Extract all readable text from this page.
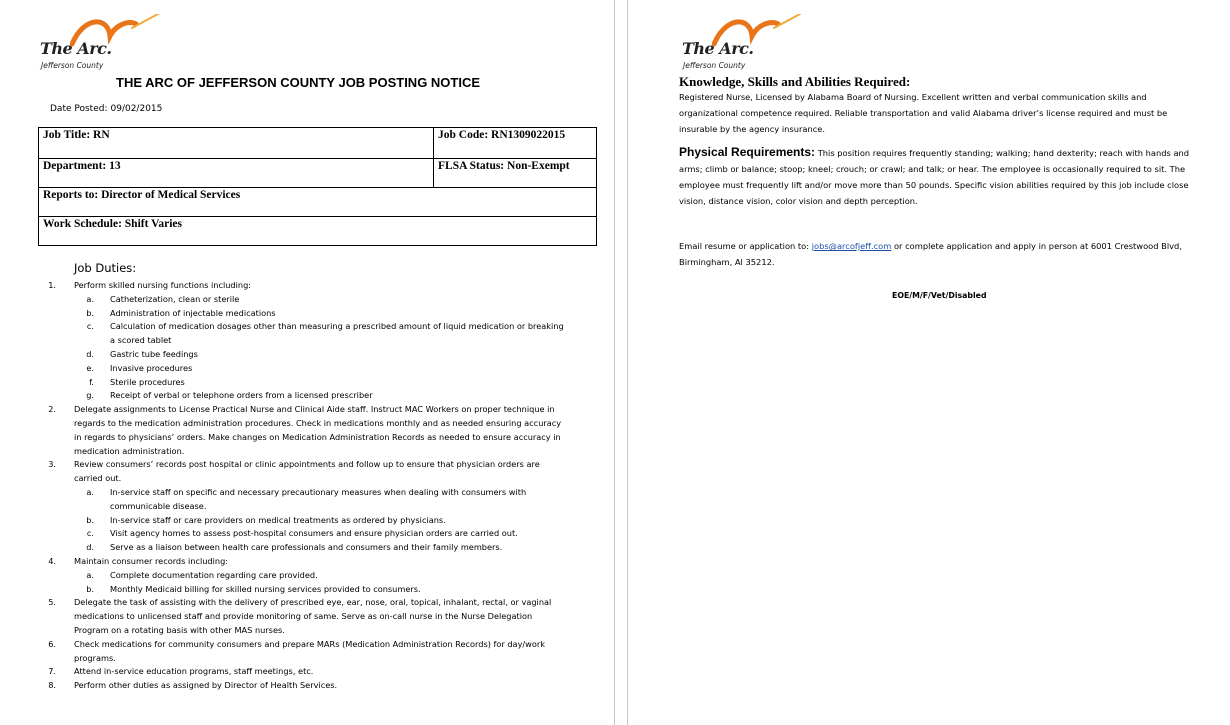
The Arc.
Jefferson County
THE ARC OF JEFFERSON COUNTY JOB POSTING NOTICE
Date Posted: 09/02/2015
Job Title: RN	Job Code: RN1309022015
Department: 13	FLSA Status: Non-Exempt
Reports to: Director of Medical Services	
Work Schedule: Shift Varies	
Job Duties:
1.	Perform skilled nursing functions including:
a.	Catheterization, clean or sterile
b.	Administration of injectable medications
c.	Calculation of medication dosages other than measuring a prescribed amount of liquid medication or breaking a scored tablet
d.	Gastric tube feedings
e.	Invasive procedures
f.	Sterile procedures
g.	Receipt of verbal or telephone orders from a licensed prescriber
2.	Delegate assignments to License Practical Nurse and Clinical Aide staff. Instruct MAC Workers on proper technique in regards to the medication administration procedures. Check in medications monthly and as needed ensuring accuracy in regards to physicians’ orders. Make changes on Medication Administration Records as needed to ensure accuracy in medication administration.
3.	Review consumers’ records post hospital or clinic appointments and follow up to ensure that physician orders are carried out.
a.	In-service staff on specific and necessary precautionary measures when dealing with consumers with communicable disease.
b.	In-service staff or care providers on medical treatments as ordered by physicians.
c.	Visit agency homes to assess post-hospital consumers and ensure physician orders are carried out.
d.	Serve as a liaison between health care professionals and consumers and their family members.
4.	Maintain consumer records including:
a.	Complete documentation regarding care provided.
b.	Monthly Medicaid billing for skilled nursing services provided to consumers.
5.	Delegate the task of assisting with the delivery of prescribed eye, ear, nose, oral, topical, inhalant, rectal, or vaginal medications to unlicensed staff and provide monitoring of same. Serve as on-call nurse in the Nurse Delegation Program on a rotating basis with other MAS nurses.
6.	Check medications for community consumers and prepare MARs (Medication Administration Records) for day/work programs.
7.	Attend in-service education programs, staff meetings, etc.
8.	Perform other duties as assigned by Director of Health Services.
The Arc.
Jefferson County
Knowledge, Skills and Abilities Required:
Registered Nurse, Licensed by Alabama Board of Nursing. Excellent written and verbal communication skills and organizational competence required. Reliable transportation and valid Alabama driver’s license required and must be insurable by the agency insurance.
Physical Requirements: This position requires frequently standing; walking; hand dexterity; reach with hands and arms; climb or balance; stoop; kneel; crouch; or crawl; and talk; or hear. The employee is occasionally required to sit. The employee must frequently lift and/or move more than 50 pounds. Specific vision abilities required by this job include close vision, distance vision, color vision and depth perception.
Email resume or application to: jobs@arcofjeff.com or complete application and apply in person at 6001 Crestwood Blvd, Birmingham, Al 35212.
EOE/M/F/Vet/Disabled
